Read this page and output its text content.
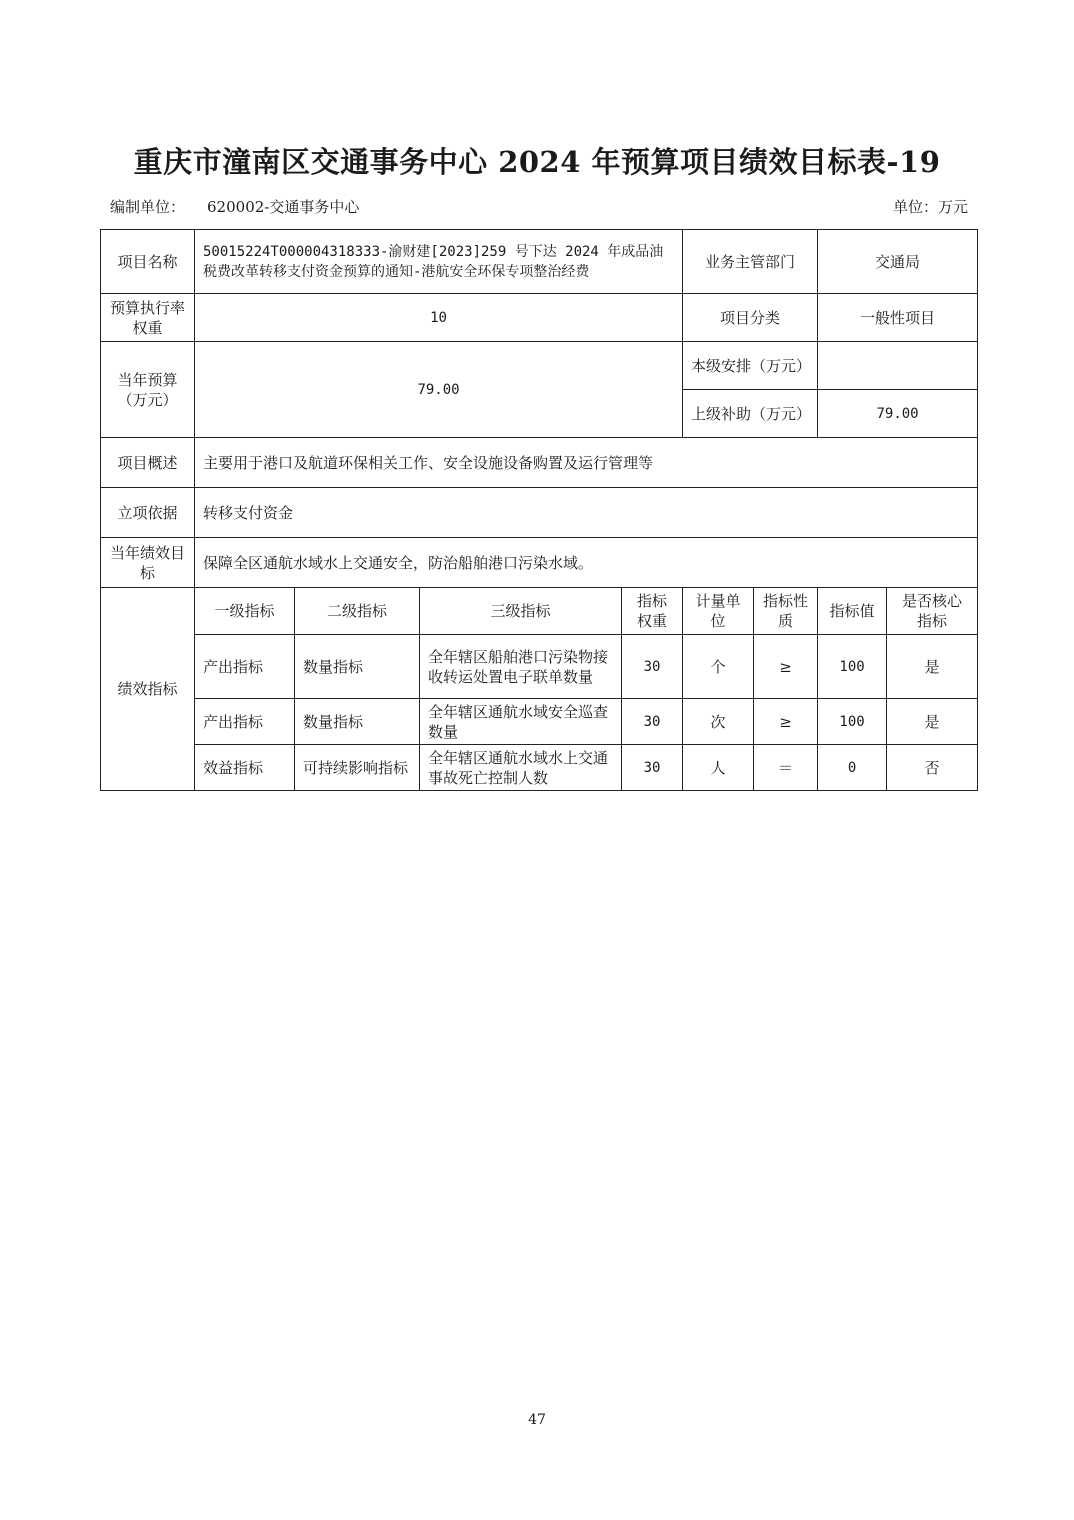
重庆市潼南区交通事务中心 2024 年预算项目绩效目标表-19
编制单位： 620002-交通事务中心	单位：万元
项目名称	50015224T000004318333-渝财建[2023]259 号下达 2024 年成品油税费改革转移支付资金预算的通知-港航安全环保专项整治经费				业务主管部门		交通局	
预算执行率权重	10				项目分类		一般性项目	
当年预算（万元）	79.00				本级安排（万元）			
					上级补助（万元）		79.00	
项目概述	主要用于港口及航道环保相关工作、安全设施设备购置及运行管理等							
立项依据	转移支付资金							
当年绩效目标	保障全区通航水域水上交通安全，防治船舶港口污染水域。							
绩效指标	一级指标	二级指标	三级指标	指标权重	计量单位	指标性质	指标值	是否核心指标
	产出指标	数量指标	全年辖区船舶港口污染物接收转运处置电子联单数量	30	个	≥	100	是
	产出指标	数量指标	全年辖区通航水域安全巡查数量	30	次	≥	100	是
	效益指标	可持续影响指标	全年辖区通航水域水上交通事故死亡控制人数	30	人	＝	0	否
47
